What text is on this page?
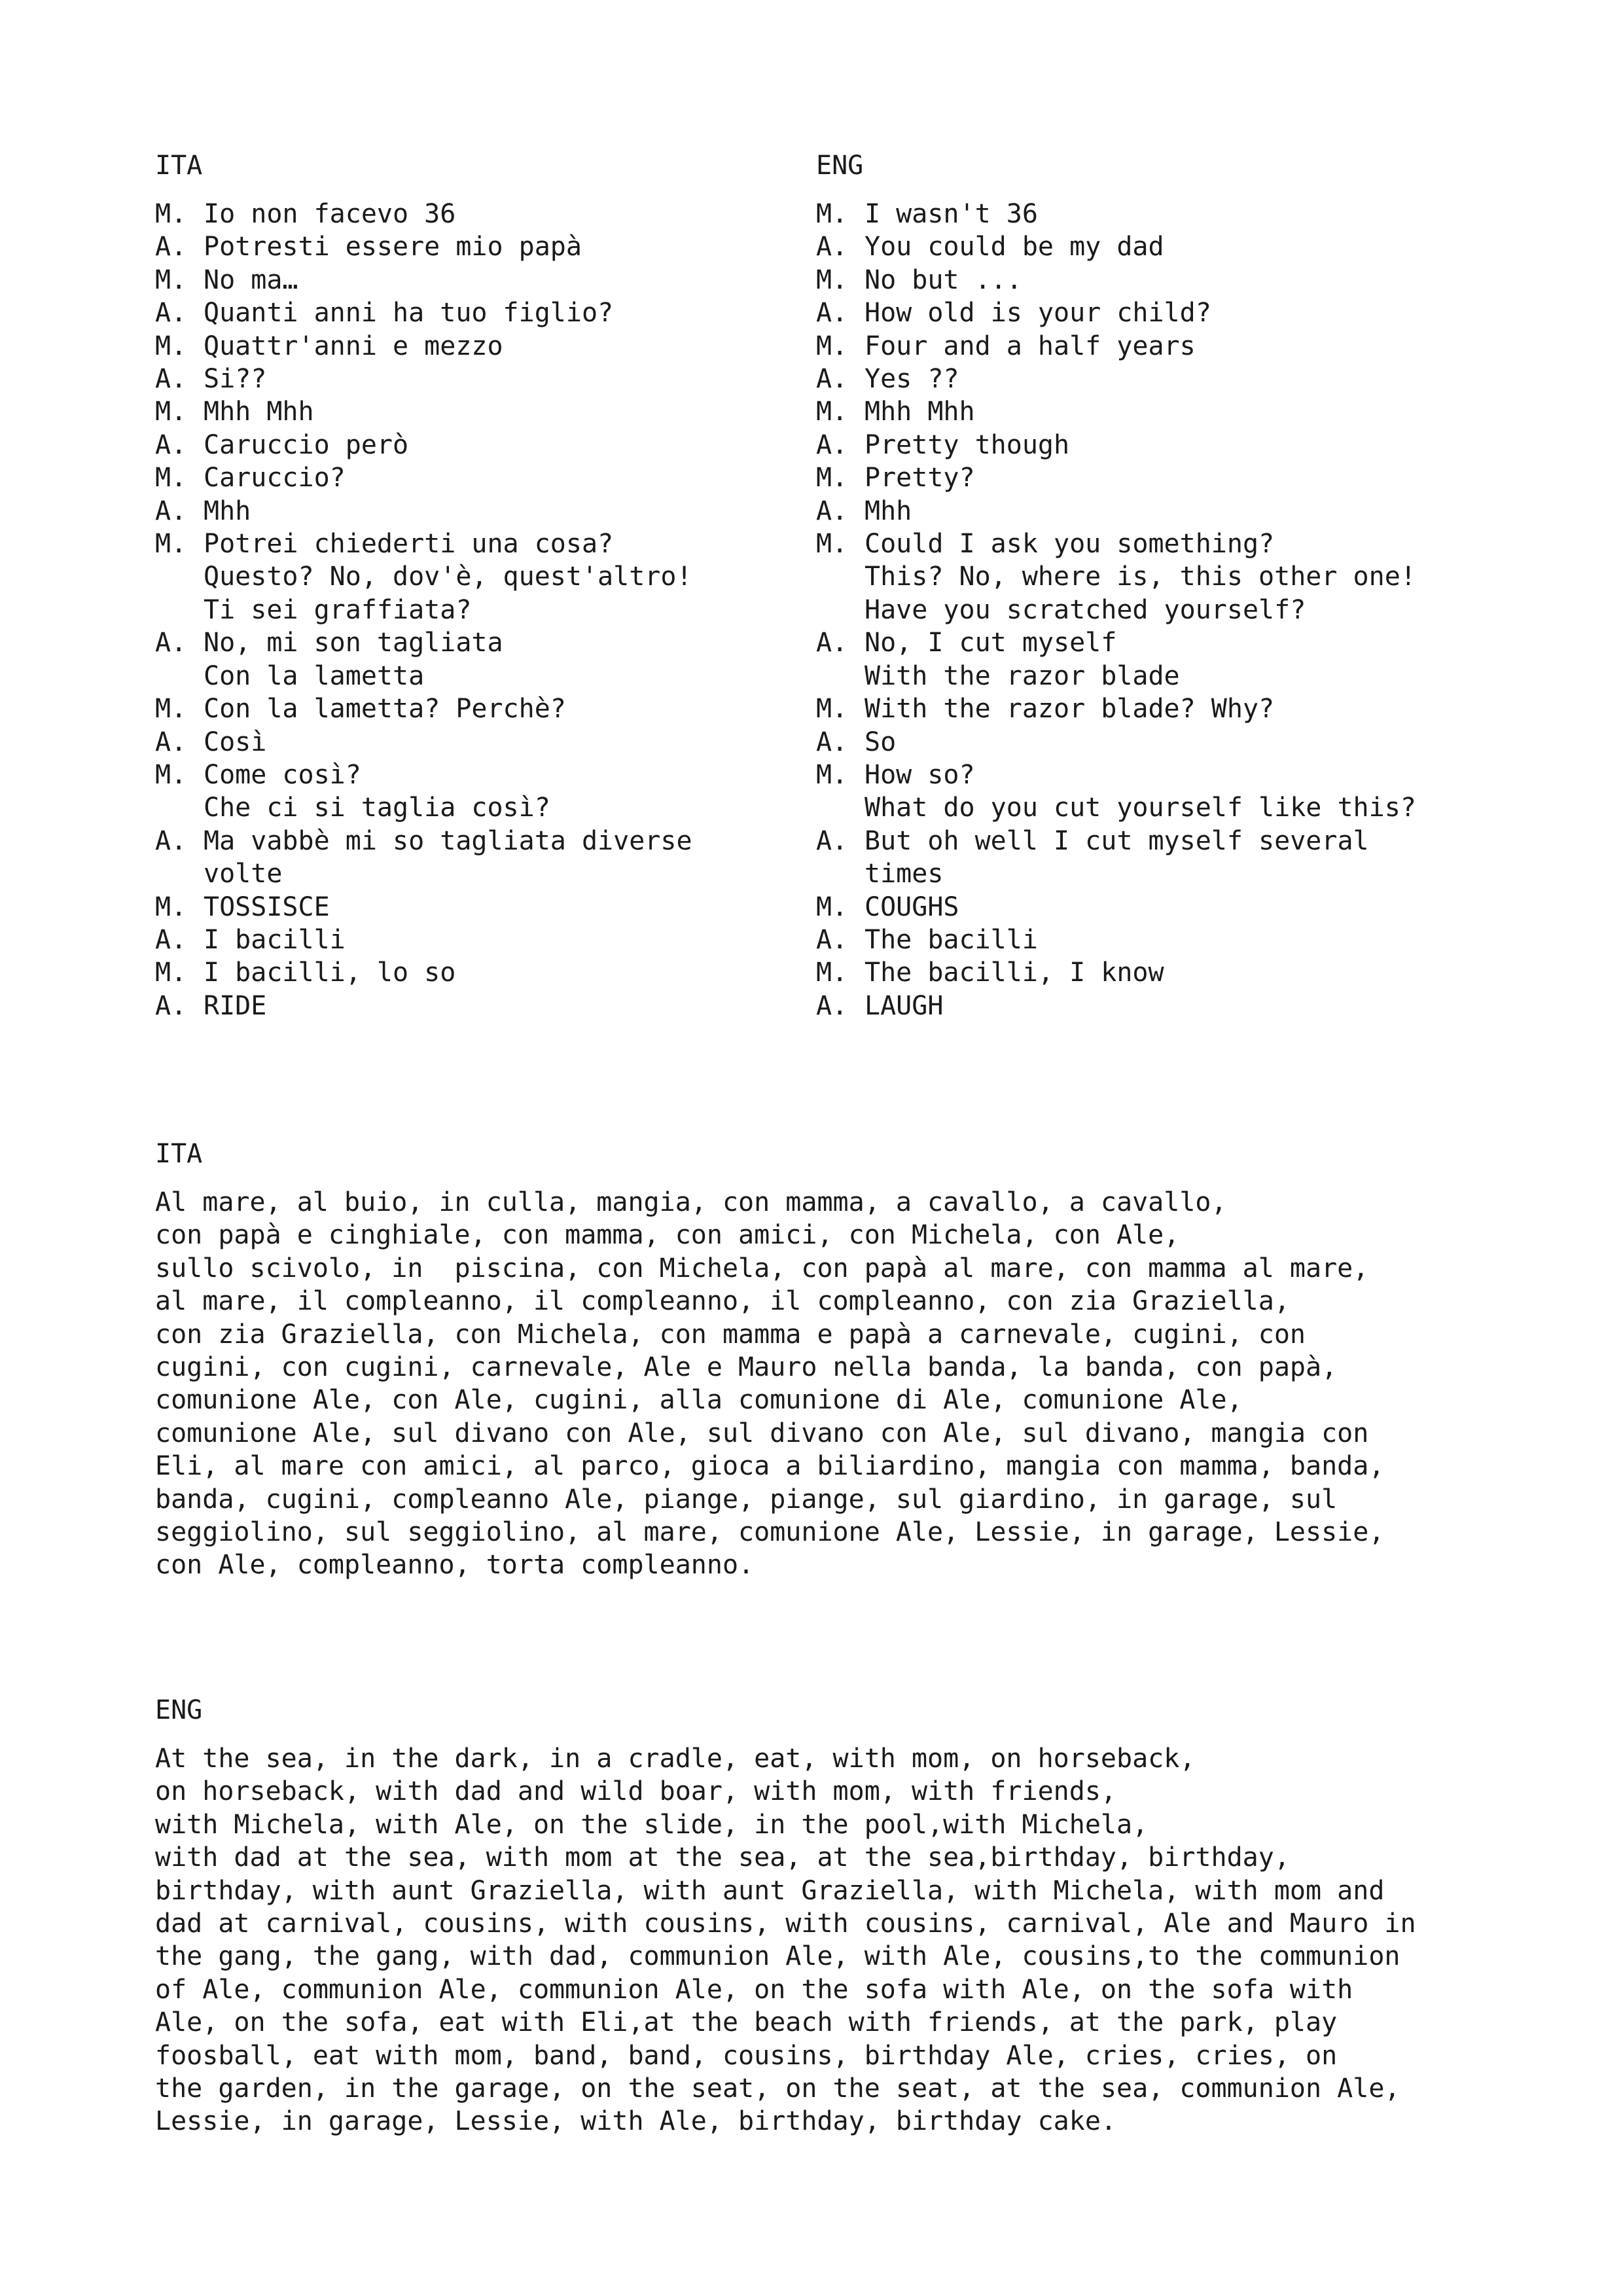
ITA
M. Io non facevo 36
A. Potresti essere mio papà
M. No ma…
A. Quanti anni ha tuo figlio?
M. Quattr'anni e mezzo
A. Si??
M. Mhh Mhh
A. Caruccio però
M. Caruccio?
A. Mhh
M. Potrei chiederti una cosa?
Questo? No, dov'è, quest'altro!
Ti sei graffiata?
A. No, mi son tagliata
Con la lametta
M. Con la lametta? Perchè?
A. Così
M. Come così?
Che ci si taglia così?
A. Ma vabbè mi so tagliata diverse
volte
M. TOSSISCE
A. I bacilli
M. I bacilli, lo so
A. RIDE
ENG
M. I wasn't 36
A. You could be my dad
M. No but ...
A. How old is your child?
M. Four and a half years
A. Yes ??
M. Mhh Mhh
A. Pretty though
M. Pretty?
A. Mhh
M. Could I ask you something?
This? No, where is, this other one!
Have you scratched yourself?
A. No, I cut myself
With the razor blade
M. With the razor blade? Why?
A. So
M. How so?
What do you cut yourself like this?
A. But oh well I cut myself several
times
M. COUGHS
A. The bacilli
M. The bacilli, I know
A. LAUGH
ITA
Al mare, al buio, in culla, mangia, con mamma, a cavallo, a cavallo,
con papà e cinghiale, con mamma, con amici, con Michela, con Ale,
sullo scivolo, in  piscina, con Michela, con papà al mare, con mamma al mare,
al mare, il compleanno, il compleanno, il compleanno, con zia Graziella,
con zia Graziella, con Michela, con mamma e papà a carnevale, cugini, con
cugini, con cugini, carnevale, Ale e Mauro nella banda, la banda, con papà,
comunione Ale, con Ale, cugini, alla comunione di Ale, comunione Ale,
comunione Ale, sul divano con Ale, sul divano con Ale, sul divano, mangia con
Eli, al mare con amici, al parco, gioca a biliardino, mangia con mamma, banda,
banda, cugini, compleanno Ale, piange, piange, sul giardino, in garage, sul
seggiolino, sul seggiolino, al mare, comunione Ale, Lessie, in garage, Lessie,
con Ale, compleanno, torta compleanno.
ENG
At the sea, in the dark, in a cradle, eat, with mom, on horseback,
on horseback, with dad and wild boar, with mom, with friends,
with Michela, with Ale, on the slide, in the pool,with Michela,
with dad at the sea, with mom at the sea, at the sea,birthday, birthday,
birthday, with aunt Graziella, with aunt Graziella, with Michela, with mom and
dad at carnival, cousins, with cousins, with cousins, carnival, Ale and Mauro in
the gang, the gang, with dad, communion Ale, with Ale, cousins,to the communion
of Ale, communion Ale, communion Ale, on the sofa with Ale, on the sofa with
Ale, on the sofa, eat with Eli,at the beach with friends, at the park, play
foosball, eat with mom, band, band, cousins, birthday Ale, cries, cries, on
the garden, in the garage, on the seat, on the seat, at the sea, communion Ale,
Lessie, in garage, Lessie, with Ale, birthday, birthday cake.
